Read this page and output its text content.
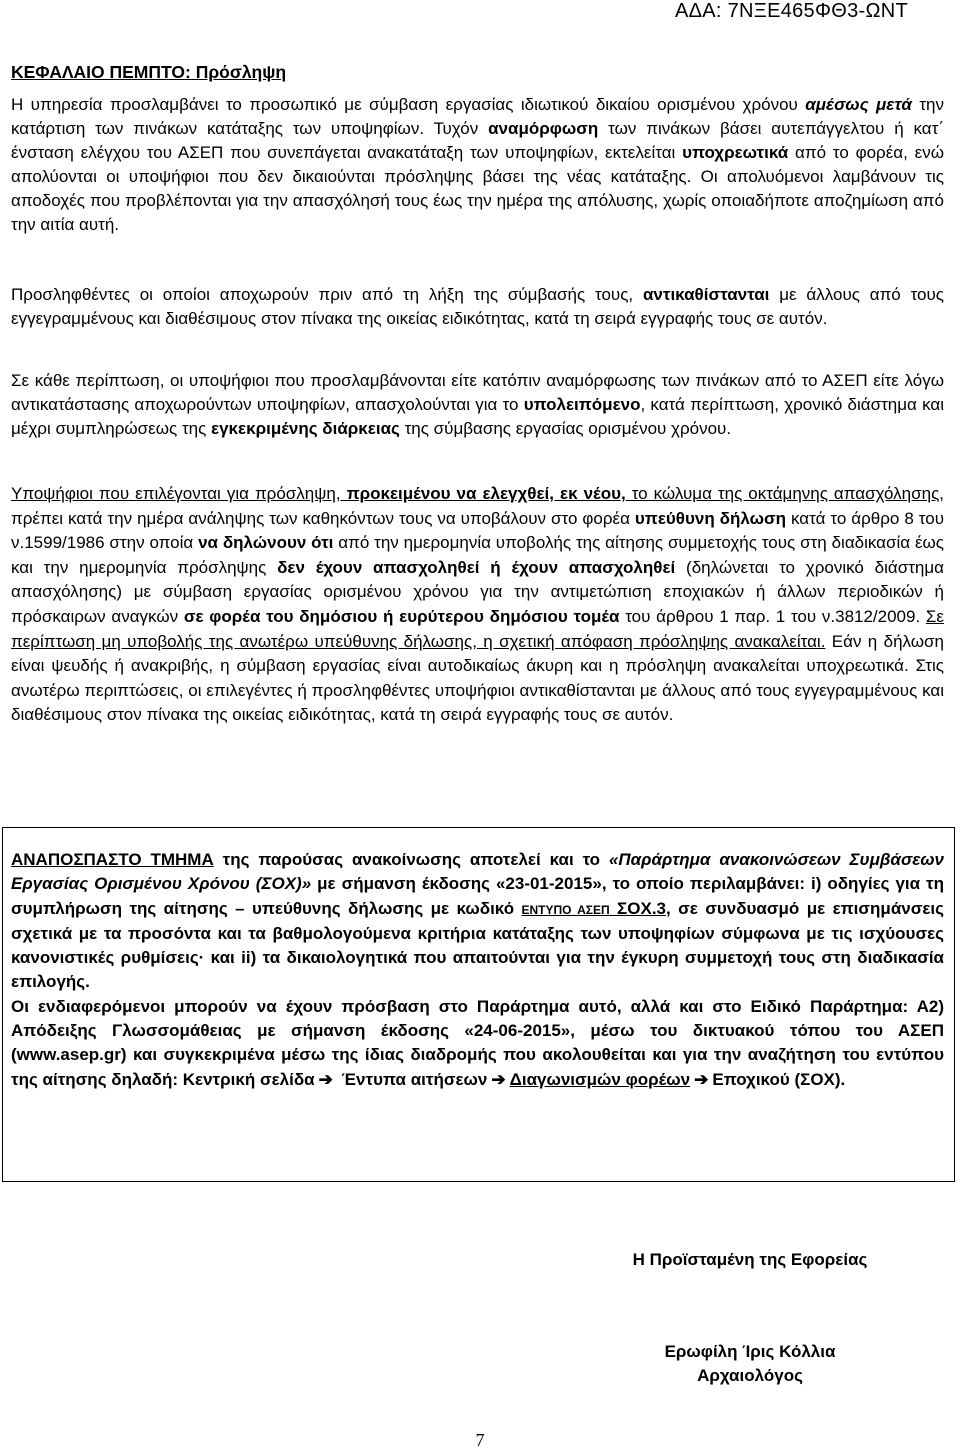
ΑΔΑ: 7ΝΞΕ465ΦΘ3-ΩΝΤ
ΚΕΦΑΛΑΙΟ ΠΕΜΠΤΟ: Πρόσληψη

Η υπηρεσία προσλαμβάνει το προσωπικό με σύμβαση εργασίας ιδιωτικού δικαίου ορισμένου χρόνου αμέσως μετά την κατάρτιση των πινάκων κατάταξης των υποψηφίων. Τυχόν αναμόρφωση των πινάκων βάσει αυτεπάγγελτου ή κατ΄ ένσταση ελέγχου του ΑΣΕΠ που συνεπάγεται ανακατάταξη των υποψηφίων, εκτελείται υποχρεωτικά από το φορέα, ενώ απολύονται οι υποψήφιοι που δεν δικαιούνται πρόσληψης βάσει της νέας κατάταξης. Οι απολυόμενοι λαμβάνουν τις αποδοχές που προβλέπονται για την απασχόλησή τους έως την ημέρα της απόλυσης, χωρίς οποιαδήποτε αποζημίωση από την αιτία αυτή.

Προσληφθέντες οι οποίοι αποχωρούν πριν από τη λήξη της σύμβασής τους, αντικαθίστανται με άλλους από τους εγγεγραμμένους και διαθέσιμους στον πίνακα της οικείας ειδικότητας, κατά τη σειρά εγγραφής τους σε αυτόν.

Σε κάθε περίπτωση, οι υποψήφιοι που προσλαμβάνονται είτε κατόπιν αναμόρφωσης των πινάκων από το ΑΣΕΠ είτε λόγω αντικατάστασης αποχωρούντων υποψηφίων, απασχολούνται για το υπολειπόμενο, κατά περίπτωση, χρονικό διάστημα και μέχρι συμπληρώσεως της εγκεκριμένης διάρκειας της σύμβασης εργασίας ορισμένου χρόνου.

Υποψήφιοι που επιλέγονται για πρόσληψη, προκειμένου να ελεγχθεί, εκ νέου, το κώλυμα της οκτάμηνης απασχόλησης, πρέπει κατά την ημέρα ανάληψης των καθηκόντων τους να υποβάλουν στο φορέα υπεύθυνη δήλωση κατά το άρθρο 8 του ν.1599/1986 στην οποία να δηλώνουν ότι από την ημερομηνία υποβολής της αίτησης συμμετοχής τους στη διαδικασία έως και την ημερομηνία πρόσληψης δεν έχουν απασχοληθεί ή έχουν απασχοληθεί (δηλώνεται το χρονικό διάστημα απασχόλησης) με σύμβαση εργασίας ορισμένου χρόνου για την αντιμετώπιση εποχιακών ή άλλων περιοδικών ή πρόσκαιρων αναγκών σε φορέα του δημόσιου ή ευρύτερου δημόσιου τομέα του άρθρου 1 παρ. 1 του ν.3812/2009. Σε περίπτωση μη υποβολής της ανωτέρω υπεύθυνης δήλωσης, η σχετική απόφαση πρόσληψης ανακαλείται. Εάν η δήλωση είναι ψευδής ή ανακριβής, η σύμβαση εργασίας είναι αυτοδικαίως άκυρη και η πρόσληψη ανακαλείται υποχρεωτικά. Στις ανωτέρω περιπτώσεις, οι επιλεγέντες ή προσληφθέντες υποψήφιοι αντικαθίστανται με άλλους από τους εγγεγραμμένους και διαθέσιμους στον πίνακα της οικείας ειδικότητας, κατά τη σειρά εγγραφής τους σε αυτόν.

ΑΝΑΠΟΣΠΑΣΤΟ ΤΜΗΜΑ της παρούσας ανακοίνωσης αποτελεί και το «Παράρτημα ανακοινώσεων Συμβάσεων Εργασίας Ορισμένου Χρόνου (ΣΟΧ)» με σήμανση έκδοσης «23-01-2015», το οποίο περιλαμβάνει: i) οδηγίες για τη συμπλήρωση της αίτησης – υπεύθυνης δήλωσης με κωδικό ΕΝΤΥΠΟ ΑΣΕΠ ΣΟΧ.3, σε συνδυασμό με επισημάνσεις σχετικά με τα προσόντα και τα βαθμολογούμενα κριτήρια κατάταξης των υποψηφίων σύμφωνα με τις ισχύουσες κανονιστικές ρυθμίσεις· και ii) τα δικαιολογητικά που απαιτούνται για την έγκυρη συμμετοχή τους στη διαδικασία επιλογής.

Οι ενδιαφερόμενοι μπορούν να έχουν πρόσβαση στο Παράρτημα αυτό, αλλά και στο Ειδικό Παράρτημα: Α2) Απόδειξης Γλωσσομάθειας με σήμανση έκδοσης «24-06-2015», μέσω του δικτυακού τόπου του ΑΣΕΠ (www.asep.gr) και συγκεκριμένα μέσω της ίδιας διαδρομής που ακολουθείται και για την αναζήτηση του εντύπου της αίτησης δηλαδή: Κεντρική σελίδα ➔ Έντυπα αιτήσεων ➔ Διαγωνισμών φορέων ➔ Εποχικού (ΣΟΧ).

Η Προϊσταμένη της Εφορείας
Ερωφίλη Ίρις Κόλλια
Αρχαιολόγος
7
